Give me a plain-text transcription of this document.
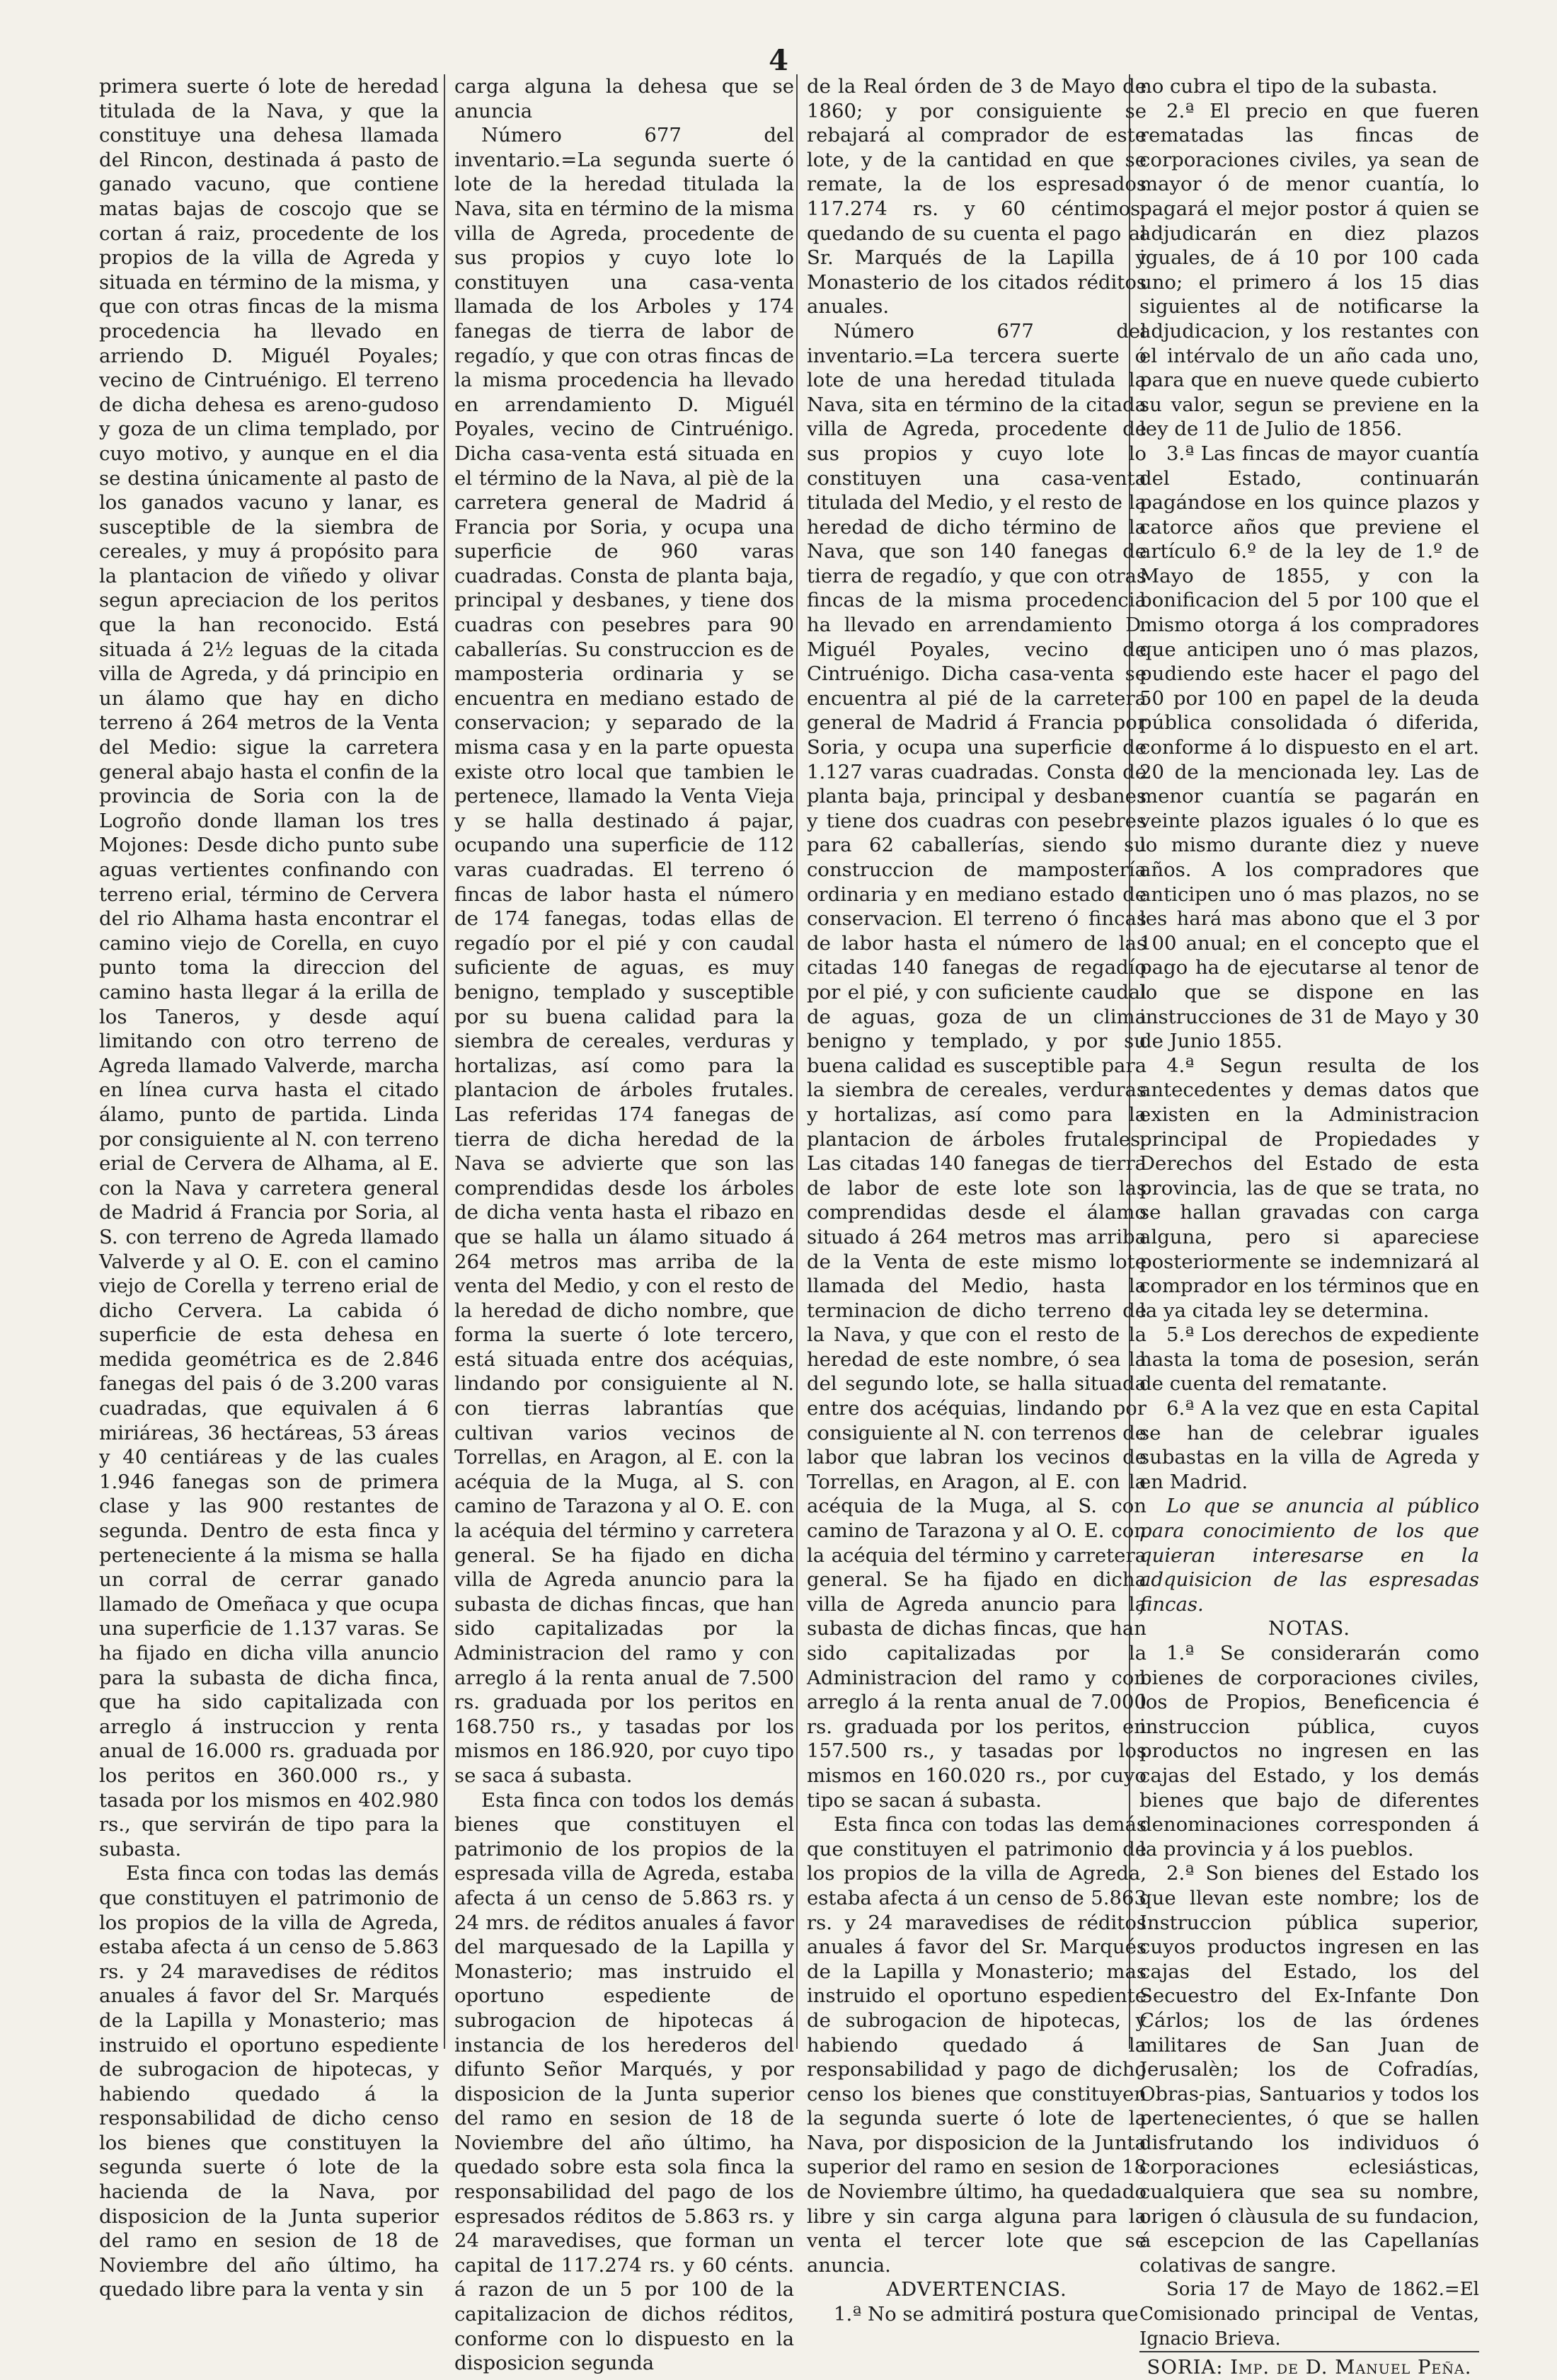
4

primera suerte ó lote de heredad titulada de la Nava, y que la constituye una dehesa llamada del Rincon, destinada á pasto de ganado vacuno, que contiene matas bajas de coscojo que se cortan á raiz, procedente de los propios de la villa de Agreda y situada en término de la misma, y que con otras fincas de la misma procedencia ha llevado en arriendo D. Miguél Poyales; vecino de Cintruénigo. El terreno de dicha dehesa es areno-gudoso y goza de un clima templado, por cuyo motivo, y aunque en el dia se destina únicamente al pasto de los ganados vacuno y lanar, es susceptible de la siembra de cereales, y muy á propósito para la plantacion de viñedo y olivar segun apreciacion de los peritos que la han reconocido. Está situada á 2½ leguas de la citada villa de Agreda, y dá principio en un álamo que hay en dicho terreno á 264 metros de la Venta del Medio: sigue la carretera general abajo hasta el confin de la provincia de Soria con la de Logroño donde llaman los tres Mojones: Desde dicho punto sube aguas vertientes confinando con terreno erial, término de Cervera del rio Alhama hasta encontrar el camino viejo de Corella, en cuyo punto toma la direccion del camino hasta llegar á la erilla de los Taneros, y desde aquí limitando con otro terreno de Agreda llamado Valverde, marcha en línea curva hasta el citado álamo, punto de partida. Linda por consiguiente al N. con terreno erial de Cervera de Alhama, al E. con la Nava y carretera general de Madrid á Francia por Soria, al S. con terreno de Agreda llamado Valverde y al O. E. con el camino viejo de Corella y terreno erial de dicho Cervera. La cabida ó superficie de esta dehesa en medida geométrica es de 2.846 fanegas del pais ó de 3.200 varas cuadradas, que equivalen á 6 miriáreas, 36 hectáreas, 53 áreas y 40 centiáreas y de las cuales 1.946 fanegas son de primera clase y las 900 restantes de segunda. Dentro de esta finca y perteneciente á la misma se halla un corral de cerrar ganado llamado de Omeñaca y que ocupa una superficie de 1.137 varas. Se ha fijado en dicha villa anuncio para la subasta de dicha finca, que ha sido capitalizada con arreglo á instruccion y renta anual de 16.000 rs. graduada por los peritos en 360.000 rs., y tasada por los mismos en 402.980 rs., que servirán de tipo para la subasta.

Esta finca con todas las demás que constituyen el patrimonio de los propios de la villa de Agreda, estaba afecta á un censo de 5.863 rs. y 24 maravedises de réditos anuales á favor del Sr. Marqués de la Lapilla y Monasterio; mas instruido el oportuno espediente de subrogacion de hipotecas, y habiendo quedado á la responsabilidad de dicho censo los bienes que constituyen la segunda suerte ó lote de la hacienda de la Nava, por disposicion de la Junta superior del ramo en sesion de 18 de Noviembre del año último, ha quedado libre para la venta y sin

carga alguna la dehesa que se anuncia

Número 677 del inventario.=La segunda suerte ó lote de la heredad titulada la Nava, sita en término de la misma villa de Agreda, procedente de sus propios y cuyo lote lo constituyen una casa-venta llamada de los Arboles y 174 fanegas de tierra de labor de regadío, y que con otras fincas de la misma procedencia ha llevado en arrendamiento D. Miguél Poyales, vecino de Cintruénigo. Dicha casa-venta está situada en el término de la Nava, al piè de la carretera general de Madrid á Francia por Soria, y ocupa una superficie de 960 varas cuadradas. Consta de planta baja, principal y desbanes, y tiene dos cuadras con pesebres para 90 caballerías. Su construccion es de mamposteria ordinaria y se encuentra en mediano estado de conservacion; y separado de la misma casa y en la parte opuesta existe otro local que tambien le pertenece, llamado la Venta Vieja y se halla destinado á pajar, ocupando una superficie de 112 varas cuadradas. El terreno ó fincas de labor hasta el número de 174 fanegas, todas ellas de regadío por el pié y con caudal suficiente de aguas, es muy benigno, templado y susceptible por su buena calidad para la siembra de cereales, verduras y hortalizas, así como para la plantacion de árboles frutales. Las referidas 174 fanegas de tierra de dicha heredad de la Nava se advierte que son las comprendidas desde los árboles de dicha venta hasta el ribazo en que se halla un álamo situado á 264 metros mas arriba de la venta del Medio, y con el resto de la heredad de dicho nombre, que forma la suerte ó lote tercero, está situada entre dos acéquias, lindando por consiguiente al N. con tierras labrantías que cultivan varios vecinos de Torrellas, en Aragon, al E. con la acéquia de la Muga, al S. con camino de Tarazona y al O. E. con la acéquia del término y carretera general. Se ha fijado en dicha villa de Agreda anuncio para la subasta de dichas fincas, que han sido capitalizadas por la Administracion del ramo y con arreglo á la renta anual de 7.500 rs. graduada por los peritos en 168.750 rs., y tasadas por los mismos en 186.920, por cuyo tipo se saca á subasta.

Esta finca con todos los demás bienes que constituyen el patrimonio de los propios de la espresada villa de Agreda, estaba afecta á un censo de 5.863 rs. y 24 mrs. de réditos anuales á favor del marquesado de la Lapilla y Monasterio; mas instruido el oportuno espediente de subrogacion de hipotecas á instancia de los herederos del difunto Señor Marqués, y por disposicion de la Junta superior del ramo en sesion de 18 de Noviembre del año último, ha quedado sobre esta sola finca la responsabilidad del pago de los espresados réditos de 5.863 rs. y 24 maravedises, que forman un capital de 117.274 rs. y 60 cénts. á razon de un 5 por 100 de la capitalizacion de dichos réditos, conforme con lo dispuesto en la disposicion segunda

de la Real órden de 3 de Mayo de 1860; y por consiguiente se rebajará al comprador de este lote, y de la cantidad en que se remate, la de los espresados 117.274 rs. y 60 céntimos, quedando de su cuenta el pago al Sr. Marqués de la Lapilla y Monasterio de los citados réditos anuales.

Número 677 del inventario.=La tercera suerte ó lote de una heredad titulada la Nava, sita en término de la citada villa de Agreda, procedente de sus propios y cuyo lote lo constituyen una casa-venta titulada del Medio, y el resto de la heredad de dicho término de la Nava, que son 140 fanegas de tierra de regadío, y que con otras fincas de la misma procedencia ha llevado en arrendamiento D. Miguél Poyales, vecino de Cintruénigo. Dicha casa-venta se encuentra al pié de la carretera general de Madrid á Francia por Soria, y ocupa una superficie de 1.127 varas cuadradas. Consta de planta baja, principal y desbanes y tiene dos cuadras con pesebres para 62 caballerías, siendo su construccion de mampostería ordinaria y en mediano estado de conservacion. El terreno ó fincas de labor hasta el número de las citadas 140 fanegas de regadío por el pié, y con suficiente caudal de aguas, goza de un clima benigno y templado, y por su buena calidad es susceptible para la siembra de cereales, verduras y hortalizas, así como para la plantacion de árboles frutales. Las citadas 140 fanegas de tierra de labor de este lote son las comprendidas desde el álamo situado á 264 metros mas arriba de la Venta de este mismo lote llamada del Medio, hasta la terminacion de dicho terreno de la Nava, y que con el resto de la heredad de este nombre, ó sea la del segundo lote, se halla situada entre dos acéquias, lindando por consiguiente al N. con terrenos de labor que labran los vecinos de Torrellas, en Aragon, al E. con la acéquia de la Muga, al S. con camino de Tarazona y al O. E. con la acéquia del término y carretera general. Se ha fijado en dicha villa de Agreda anuncio para la subasta de dichas fincas, que han sido capitalizadas por la Administracion del ramo y con arreglo á la renta anual de 7.000 rs. graduada por los peritos, en 157.500 rs., y tasadas por los mismos en 160.020 rs., por cuyo tipo se sacan á subasta.

Esta finca con todas las demás que constituyen el patrimonio de los propios de la villa de Agreda, estaba afecta á un censo de 5.863 rs. y 24 maravedises de réditos anuales á favor del Sr. Marqués de la Lapilla y Monasterio; mas instruido el oportuno espediente de subrogacion de hipotecas, y habiendo quedado á la responsabilidad y pago de dicho censo los bienes que constituyen la segunda suerte ó lote de la Nava, por disposicion de la Junta superior del ramo en sesion de 18 de Noviembre último, ha quedado libre y sin carga alguna para la venta el tercer lote que se anuncia.

ADVERTENCIAS.

1.ª No se admitirá postura que

no cubra el tipo de la subasta.

2.ª El precio en que fueren rematadas las fincas de corporaciones civiles, ya sean de mayor ó de menor cuantía, lo pagará el mejor postor á quien se adjudicarán en diez plazos iguales, de á 10 por 100 cada uno; el primero á los 15 dias siguientes al de notificarse la adjudicacion, y los restantes con el intérvalo de un año cada uno, para que en nueve quede cubierto su valor, segun se previene en la ley de 11 de Julio de 1856.

3.ª Las fincas de mayor cuantía del Estado, continuarán pagándose en los quince plazos y catorce años que previene el artículo 6.º de la ley de 1.º de Mayo de 1855, y con la bonificacion del 5 por 100 que el mismo otorga á los compradores que anticipen uno ó mas plazos, pudiendo este hacer el pago del 50 por 100 en papel de la deuda pública consolidada ó diferida, conforme á lo dispuesto en el art. 20 de la mencionada ley. Las de menor cuantía se pagarán en veinte plazos iguales ó lo que es lo mismo durante diez y nueve años. A los compradores que anticipen uno ó mas plazos, no se les hará mas abono que el 3 por 100 anual; en el concepto que el pago ha de ejecutarse al tenor de lo que se dispone en las instrucciones de 31 de Mayo y 30 de Junio 1855.

4.ª Segun resulta de los antecedentes y demas datos que existen en la Administracion principal de Propiedades y Derechos del Estado de esta provincia, las de que se trata, no se hallan gravadas con carga alguna, pero si apareciese posteriormente se indemnizará al comprador en los términos que en la ya citada ley se determina.

5.ª Los derechos de expediente hasta la toma de posesion, serán de cuenta del rematante.

6.ª A la vez que en esta Capital se han de celebrar iguales subastas en la villa de Agreda y en Madrid.

Lo que se anuncia al público para conocimiento de los que quieran interesarse en la adquisicion de las espresadas fincas.

NOTAS.

1.ª Se considerarán como bienes de corporaciones civiles, los de Propios, Beneficencia é instruccion pública, cuyos productos no ingresen en las cajas del Estado, y los demás bienes que bajo de diferentes denominaciones corresponden á la provincia y á los pueblos.

2.ª Son bienes del Estado los que llevan este nombre; los de Instruccion pública superior, cuyos productos ingresen en las cajas del Estado, los del Secuestro del Ex-Infante Don Cárlos; los de las órdenes militares de San Juan de Jerusalèn; los de Cofradías, Obras-pias, Santuarios y todos los pertenecientes, ó que se hallen disfrutando los individuos ó corporaciones eclesiásticas, cualquiera que sea su nombre, origen ó clàusula de su fundacion, á escepcion de las Capellanías colativas de sangre.

Soria 17 de Mayo de 1862.=El Comisionado principal de Ventas, Ignacio Brieva.

SORIA: Imp. de D. Manuel Peña.
